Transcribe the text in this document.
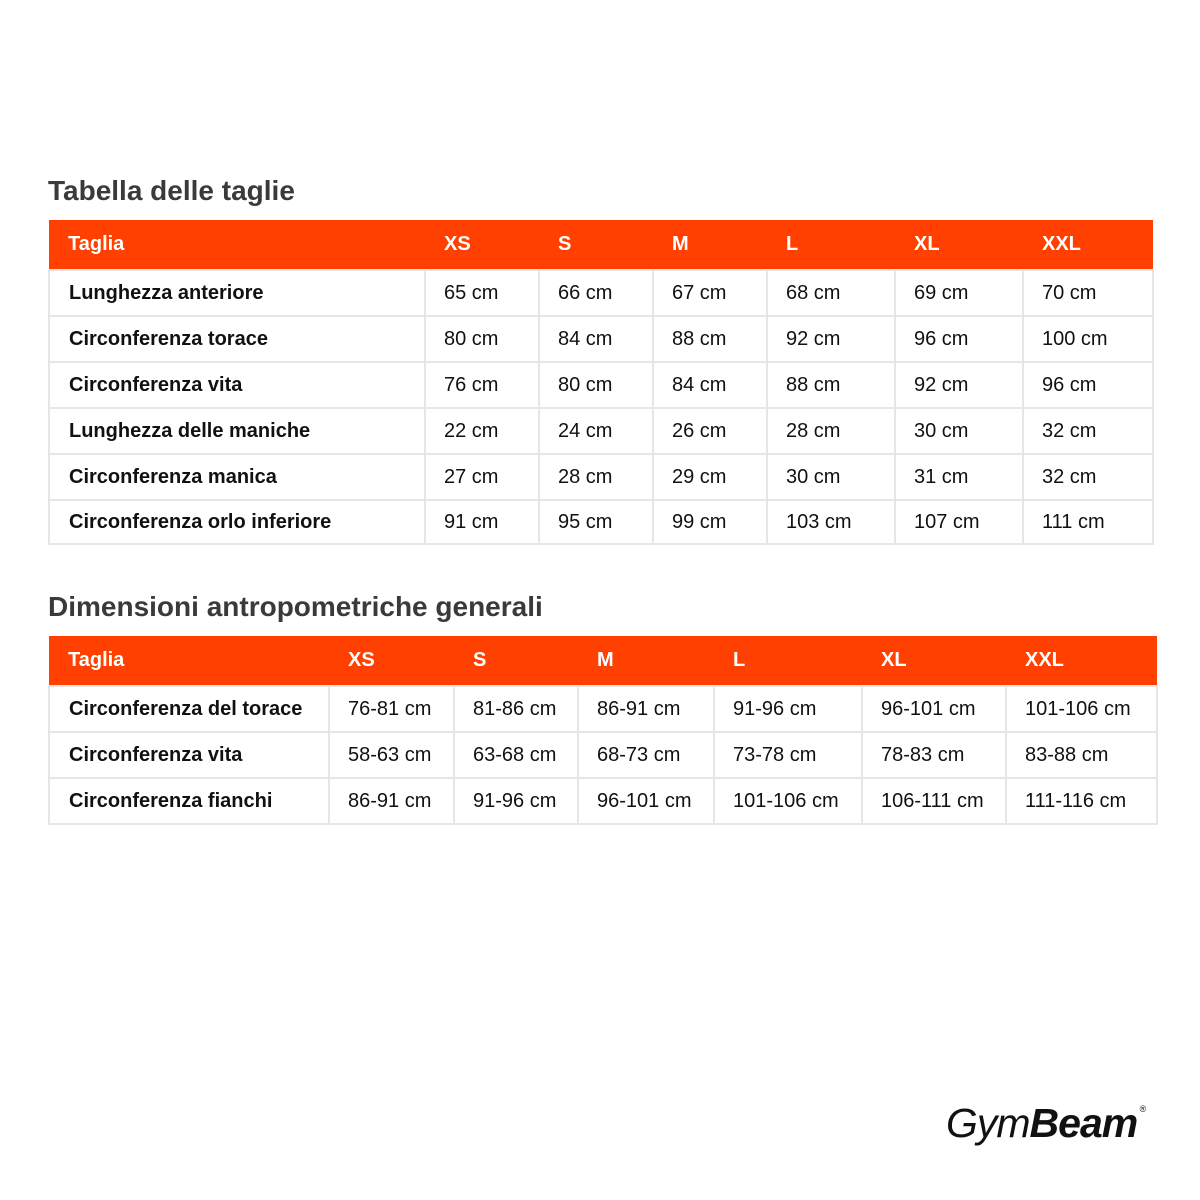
Tabella delle taglie
Taglia	XS	S	M	L	XL	XXL
Lunghezza anteriore	65 cm	66 cm	67 cm	68 cm	69 cm	70 cm
Circonferenza torace	80 cm	84 cm	88 cm	92 cm	96 cm	100 cm
Circonferenza vita	76 cm	80 cm	84 cm	88 cm	92 cm	96 cm
Lunghezza delle maniche	22 cm	24 cm	26 cm	28 cm	30 cm	32 cm
Circonferenza manica	27 cm	28 cm	29 cm	30 cm	31 cm	32 cm
Circonferenza orlo inferiore	91 cm	95 cm	99 cm	103 cm	107 cm	111 cm
Dimensioni antropometriche generali
Taglia	XS	S	M	L	XL	XXL
Circonferenza del torace	76-81 cm	81-86 cm	86-91 cm	91-96 cm	96-101 cm	101-106 cm
Circonferenza vita	58-63 cm	63-68 cm	68-73 cm	73-78 cm	78-83 cm	83-88 cm
Circonferenza fianchi	86-91 cm	91-96 cm	96-101 cm	101-106 cm	106-111 cm	111-116 cm
GymBeam ®
